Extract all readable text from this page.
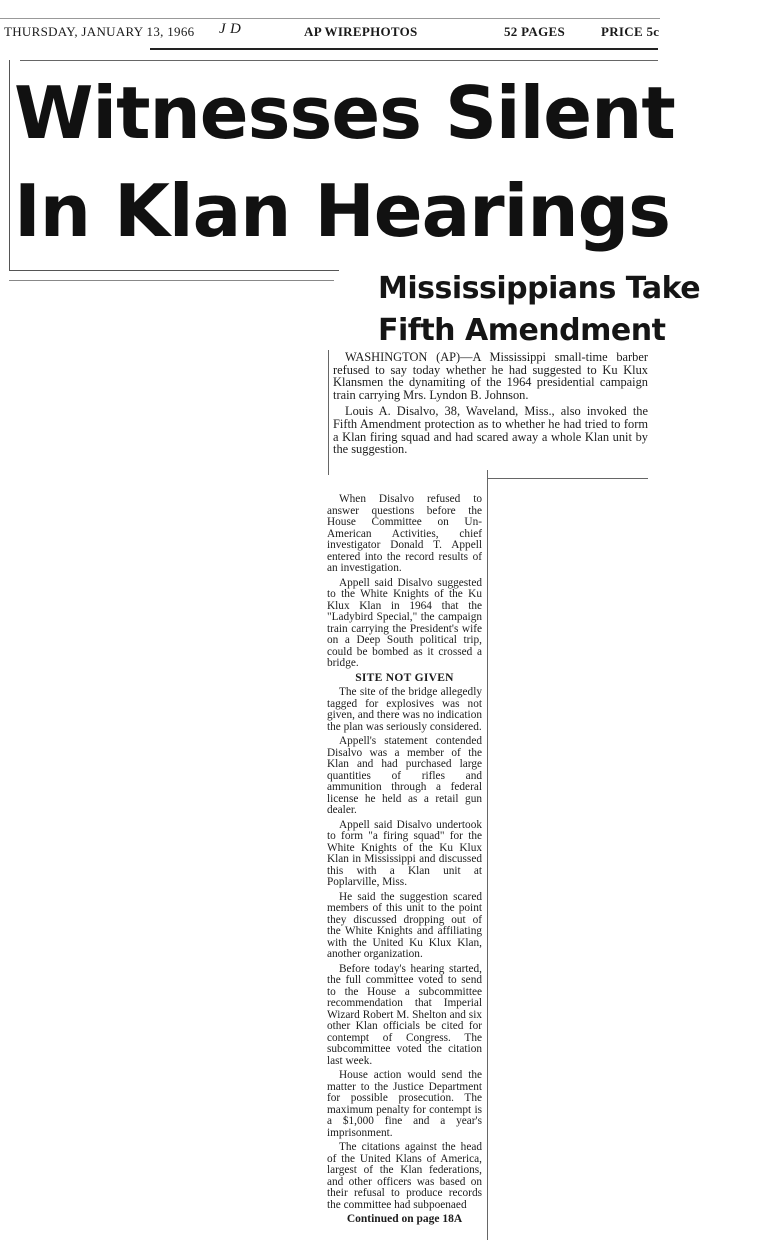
THURSDAY, JANUARY 13, 1966 J D	AP WIREPHOTOS	52 PAGES	PRICE 5c
Witnesses Silent
In Klan Hearings
Mississippians Take
Fifth Amendment

WASHINGTON (AP)—A Mississippi small-time barber refused to say today whether he had suggested to Ku Klux Klansmen the dynamiting of the 1964 presidential campaign train carrying Mrs. Lyndon B. Johnson.

Louis A. Disalvo, 38, Waveland, Miss., also invoked the Fifth Amendment protection as to whether he had tried to form a Klan firing squad and had scared away a whole Klan unit by the suggestion.

When Disalvo refused to answer questions before the House Committee on Un-American Activities, chief investigator Donald T. Appell entered into the record results of an investigation.

Appell said Disalvo suggested to the White Knights of the Ku Klux Klan in 1964 that the "Ladybird Special," the campaign train carrying the President's wife on a Deep South political trip, could be bombed as it crossed a bridge.

SITE NOT GIVEN

The site of the bridge allegedly tagged for explosives was not given, and there was no indication the plan was seriously considered.

Appell's statement contended Disalvo was a member of the Klan and had purchased large quantities of rifles and ammunition through a federal license he held as a retail gun dealer.

Appell said Disalvo undertook to form "a firing squad" for the White Knights of the Ku Klux Klan in Mississippi and discussed this with a Klan unit at Poplarville, Miss.

He said the suggestion scared members of this unit to the point they discussed dropping out of the White Knights and affiliating with the United Ku Klux Klan, another organization.

Before today's hearing started, the full committee voted to send to the House a subcommittee recommendation that Imperial Wizard Robert M. Shelton and six other Klan officials be cited for contempt of Congress. The subcommittee voted the citation last week.

House action would send the matter to the Justice Department for possible prosecution. The maximum penalty for contempt is a $1,000 fine and a year's imprisonment.

The citations against the head of the United Klans of America, largest of the Klan federations, and other officers was based on their refusal to produce records the committee had subpoenaed

Continued on page 18A
